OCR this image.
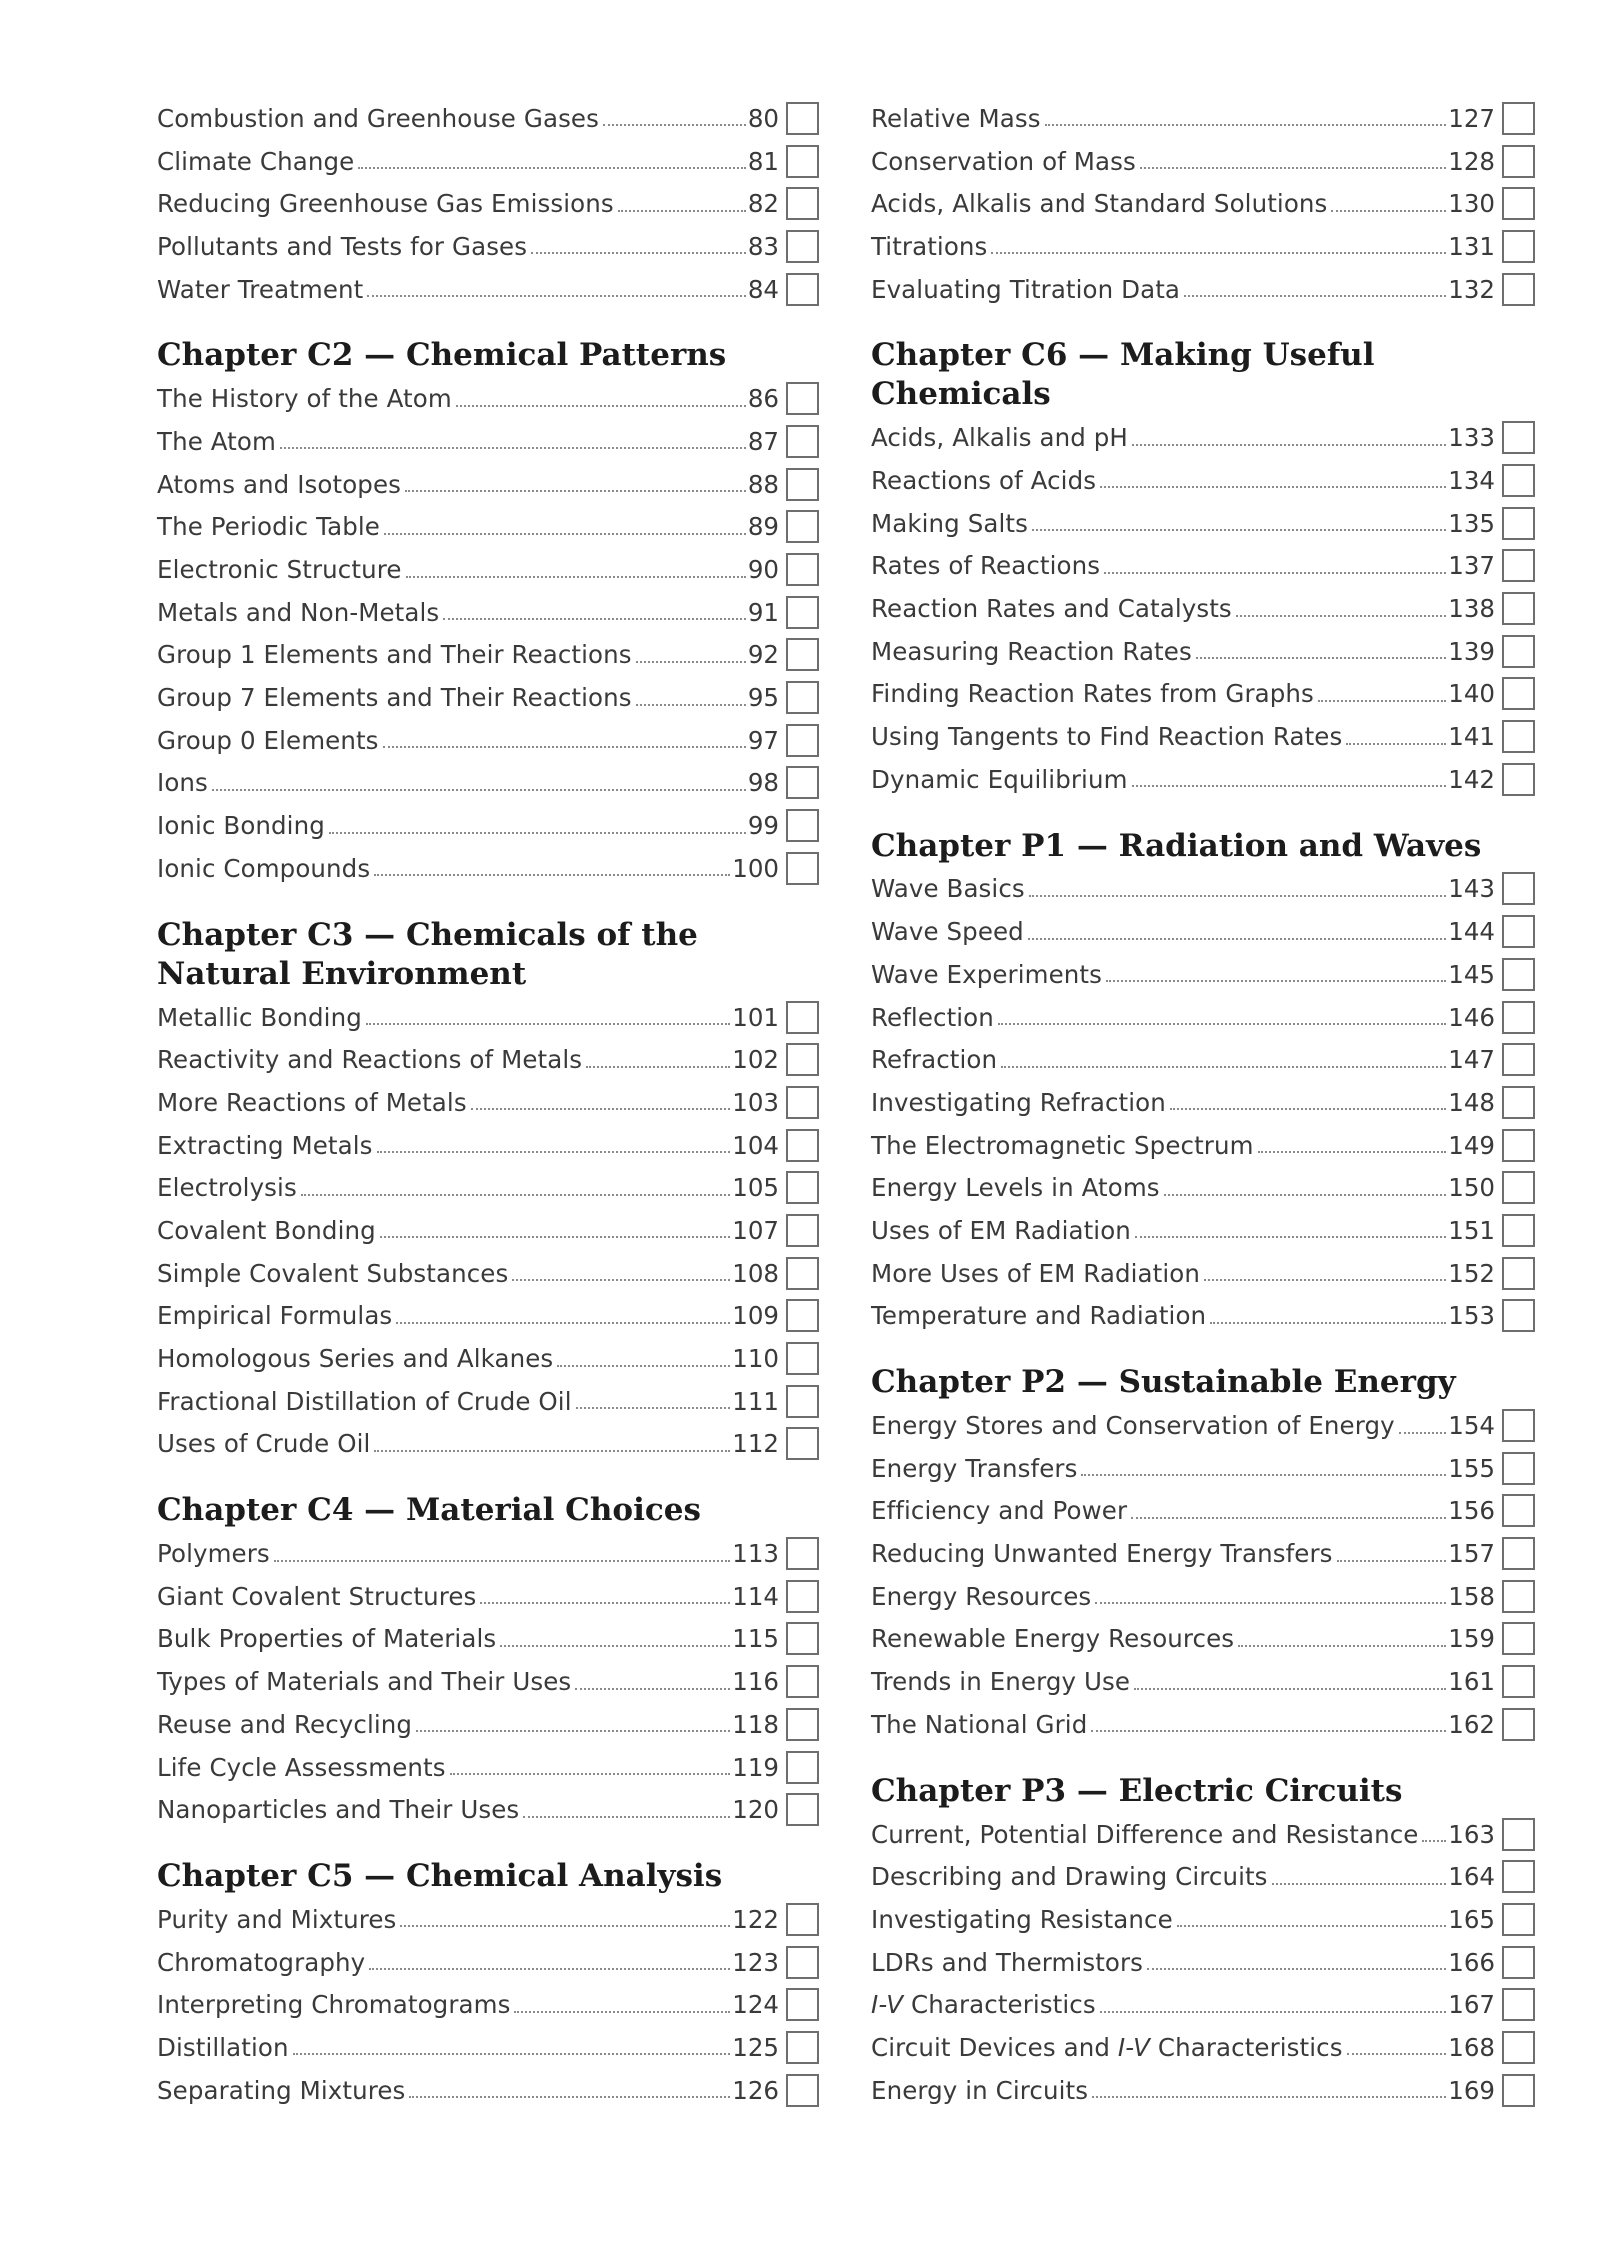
Combustion and Greenhouse Gases	80
Climate Change	81
Reducing Greenhouse Gas Emissions	82
Pollutants and Tests for Gases	83
Water Treatment	84
Chapter C2 — Chemical Patterns
The History of the Atom	86
The Atom	87
Atoms and Isotopes	88
The Periodic Table	89
Electronic Structure	90
Metals and Non-Metals	91
Group 1 Elements and Their Reactions	92
Group 7 Elements and Their Reactions	95
Group 0 Elements	97
Ions	98
Ionic Bonding	99
Ionic Compounds	100
Chapter C3 — Chemicals of the
Natural Environment
Metallic Bonding	101
Reactivity and Reactions of Metals	102
More Reactions of Metals	103
Extracting Metals	104
Electrolysis	105
Covalent Bonding	107
Simple Covalent Substances	108
Empirical Formulas	109
Homologous Series and Alkanes	110
Fractional Distillation of Crude Oil	111
Uses of Crude Oil	112
Chapter C4 — Material Choices
Polymers	113
Giant Covalent Structures	114
Bulk Properties of Materials	115
Types of Materials and Their Uses	116
Reuse and Recycling	118
Life Cycle Assessments	119
Nanoparticles and Their Uses	120
Chapter C5 — Chemical Analysis
Purity and Mixtures	122
Chromatography	123
Interpreting Chromatograms	124
Distillation	125
Separating Mixtures	126
Relative Mass	127
Conservation of Mass	128
Acids, Alkalis and Standard Solutions	130
Titrations	131
Evaluating Titration Data	132
Chapter C6 — Making Useful Chemicals
Acids, Alkalis and pH	133
Reactions of Acids	134
Making Salts	135
Rates of Reactions	137
Reaction Rates and Catalysts	138
Measuring Reaction Rates	139
Finding Reaction Rates from Graphs	140
Using Tangents to Find Reaction Rates	141
Dynamic Equilibrium	142
Chapter P1 — Radiation and Waves
Wave Basics	143
Wave Speed	144
Wave Experiments	145
Reflection	146
Refraction	147
Investigating Refraction	148
The Electromagnetic Spectrum	149
Energy Levels in Atoms	150
Uses of EM Radiation	151
More Uses of EM Radiation	152
Temperature and Radiation	153
Chapter P2 — Sustainable Energy
Energy Stores and Conservation of Energy 154
Energy Transfers	155
Efficiency and Power	156
Reducing Unwanted Energy Transfers	157
Energy Resources	158
Renewable Energy Resources	159
Trends in Energy Use	161
The National Grid	162
Chapter P3 — Electric Circuits
Current, Potential Difference and Resistance 163
Describing and Drawing Circuits	164
Investigating Resistance	165
LDRs and Thermistors	166
I-V Characteristics	167
Circuit Devices and I-V Characteristics	168
Energy in Circuits	169
